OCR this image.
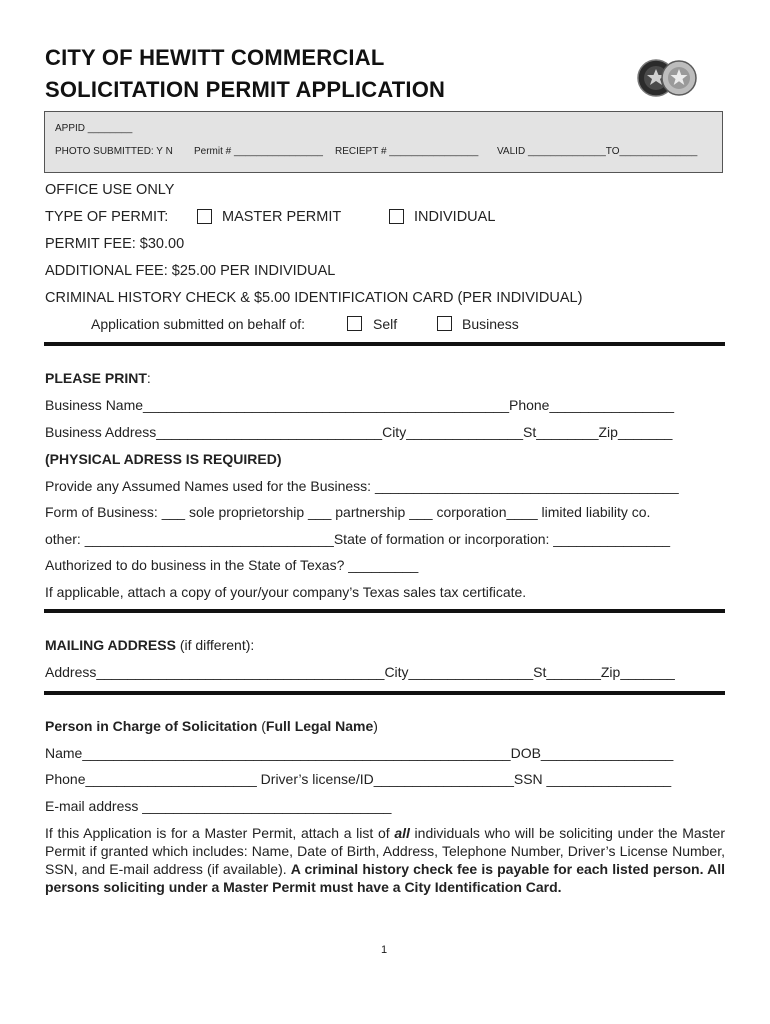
CITY OF HEWITT COMMERCIAL
SOLICITATION PERMIT APPLICATION
APPID ________
PHOTO SUBMITTED: Y N Permit # ________________ RECIEPT # ________________ VALID ______________TO______________
OFFICE USE ONLY
TYPE OF PERMIT:	MASTER PERMIT	INDIVIDUAL
PERMIT FEE: $30.00
ADDITIONAL FEE: $25.00 PER INDIVIDUAL
CRIMINAL HISTORY CHECK & $5.00 IDENTIFICATION CARD (PER INDIVIDUAL)
Application submitted on behalf of:	Self	Business
PLEASE PRINT:
Business Name_______________________________________________Phone________________
Business Address_____________________________City_______________St________Zip_______
(PHYSICAL ADRESS IS REQUIRED)
Provide any Assumed Names used for the Business: _______________________________________
Form of Business: ___ sole proprietorship ___ partnership ___ corporation____ limited liability co.
other: ________________________________State of formation or incorporation: _______________
Authorized to do business in the State of Texas? _________
If applicable, attach a copy of your/your company’s Texas sales tax certificate.
MAILING ADDRESS (if different):
Address_____________________________________City________________St_______Zip_______
Person in Charge of Solicitation (Full Legal Name)
Name_______________________________________________________DOB_________________
Phone______________________ Driver’s license/ID__________________SSN ________________
E-mail address ________________________________
If this Application is for a Master Permit, attach a list of all individuals who will be soliciting under the Master Permit if granted which includes: Name, Date of Birth, Address, Telephone Number, Driver’s License Number, SSN, and E-mail address (if available). A criminal history check fee is payable for each listed person. All persons soliciting under a Master Permit must have a City Identification Card.
1
